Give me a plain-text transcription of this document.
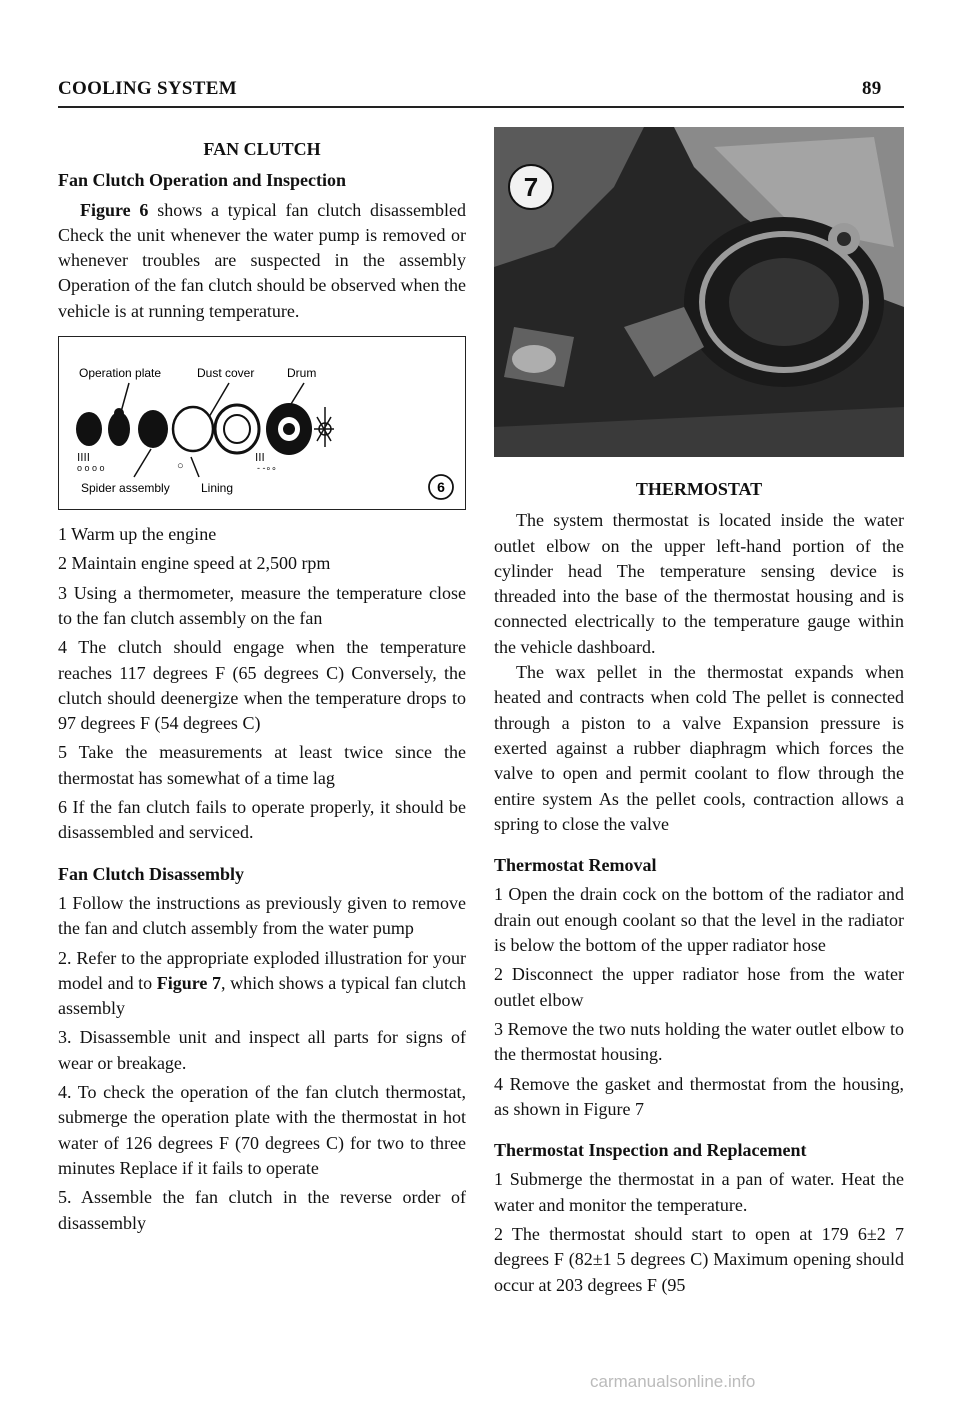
COOLING SYSTEM	89
FAN CLUTCH
Fan Clutch Operation and Inspection

Figure 6 shows a typical fan clutch disassembled Check the unit whenever the water pump is removed or whenever troubles are suspected in the assembly Operation of the fan clutch should be observed when the vehicle is at running temperature.

Operation plate	Dust cover	Drum
ⅠⅠⅠⅠ
o o o o	○
ⅠⅠⅠ
- -∘∘
Spider assembly	Lining	6

1 Warm up the engine

2 Maintain engine speed at 2,500 rpm

3 Using a thermometer, measure the temperature close to the fan clutch assembly on the fan

4 The clutch should engage when the temperature reaches 117 degrees F (65 degrees C) Conversely, the clutch should deenergize when the temperature drops to 97 degrees F (54 degrees C)

5 Take the measurements at least twice since the thermostat has somewhat of a time lag

6 If the fan clutch fails to operate properly, it should be disassembled and serviced.

Fan Clutch Disassembly

1 Follow the instructions as previously given to remove the fan and clutch assembly from the water pump

2. Refer to the appropriate exploded illustration for your model and to Figure 7, which shows a typical fan clutch assembly

3. Disassemble unit and inspect all parts for signs of wear or breakage.

4. To check the operation of the fan clutch thermostat, submerge the operation plate with the thermostat in hot water of 126 degrees F (70 degrees C) for two to three minutes Replace if it fails to operate

5. Assemble the fan clutch in the reverse order of disassembly

7
THERMOSTAT

The system thermostat is located inside the water outlet elbow on the upper left-hand portion of the cylinder head The temperature sensing device is threaded into the base of the thermostat housing and is connected electrically to the temperature gauge within the vehicle dashboard.

The wax pellet in the thermostat expands when heated and contracts when cold The pellet is connected through a piston to a valve Expansion pressure is exerted against a rubber diaphragm which forces the valve to open and permit coolant to flow through the entire system As the pellet cools, contraction allows a spring to close the valve

Thermostat Removal

1 Open the drain cock on the bottom of the radiator and drain out enough coolant so that the level in the radiator is below the bottom of the upper radiator hose

2 Disconnect the upper radiator hose from the water outlet elbow

3 Remove the two nuts holding the water outlet elbow to the thermostat housing.

4 Remove the gasket and thermostat from the housing, as shown in Figure 7

Thermostat Inspection and Replacement

1 Submerge the thermostat in a pan of water. Heat the water and monitor the temperature.

2 The thermostat should start to open at 179 6±2 7 degrees F (82±1 5 degrees C) Maximum opening should occur at 203 degrees F (95

carmanualsonline.info
